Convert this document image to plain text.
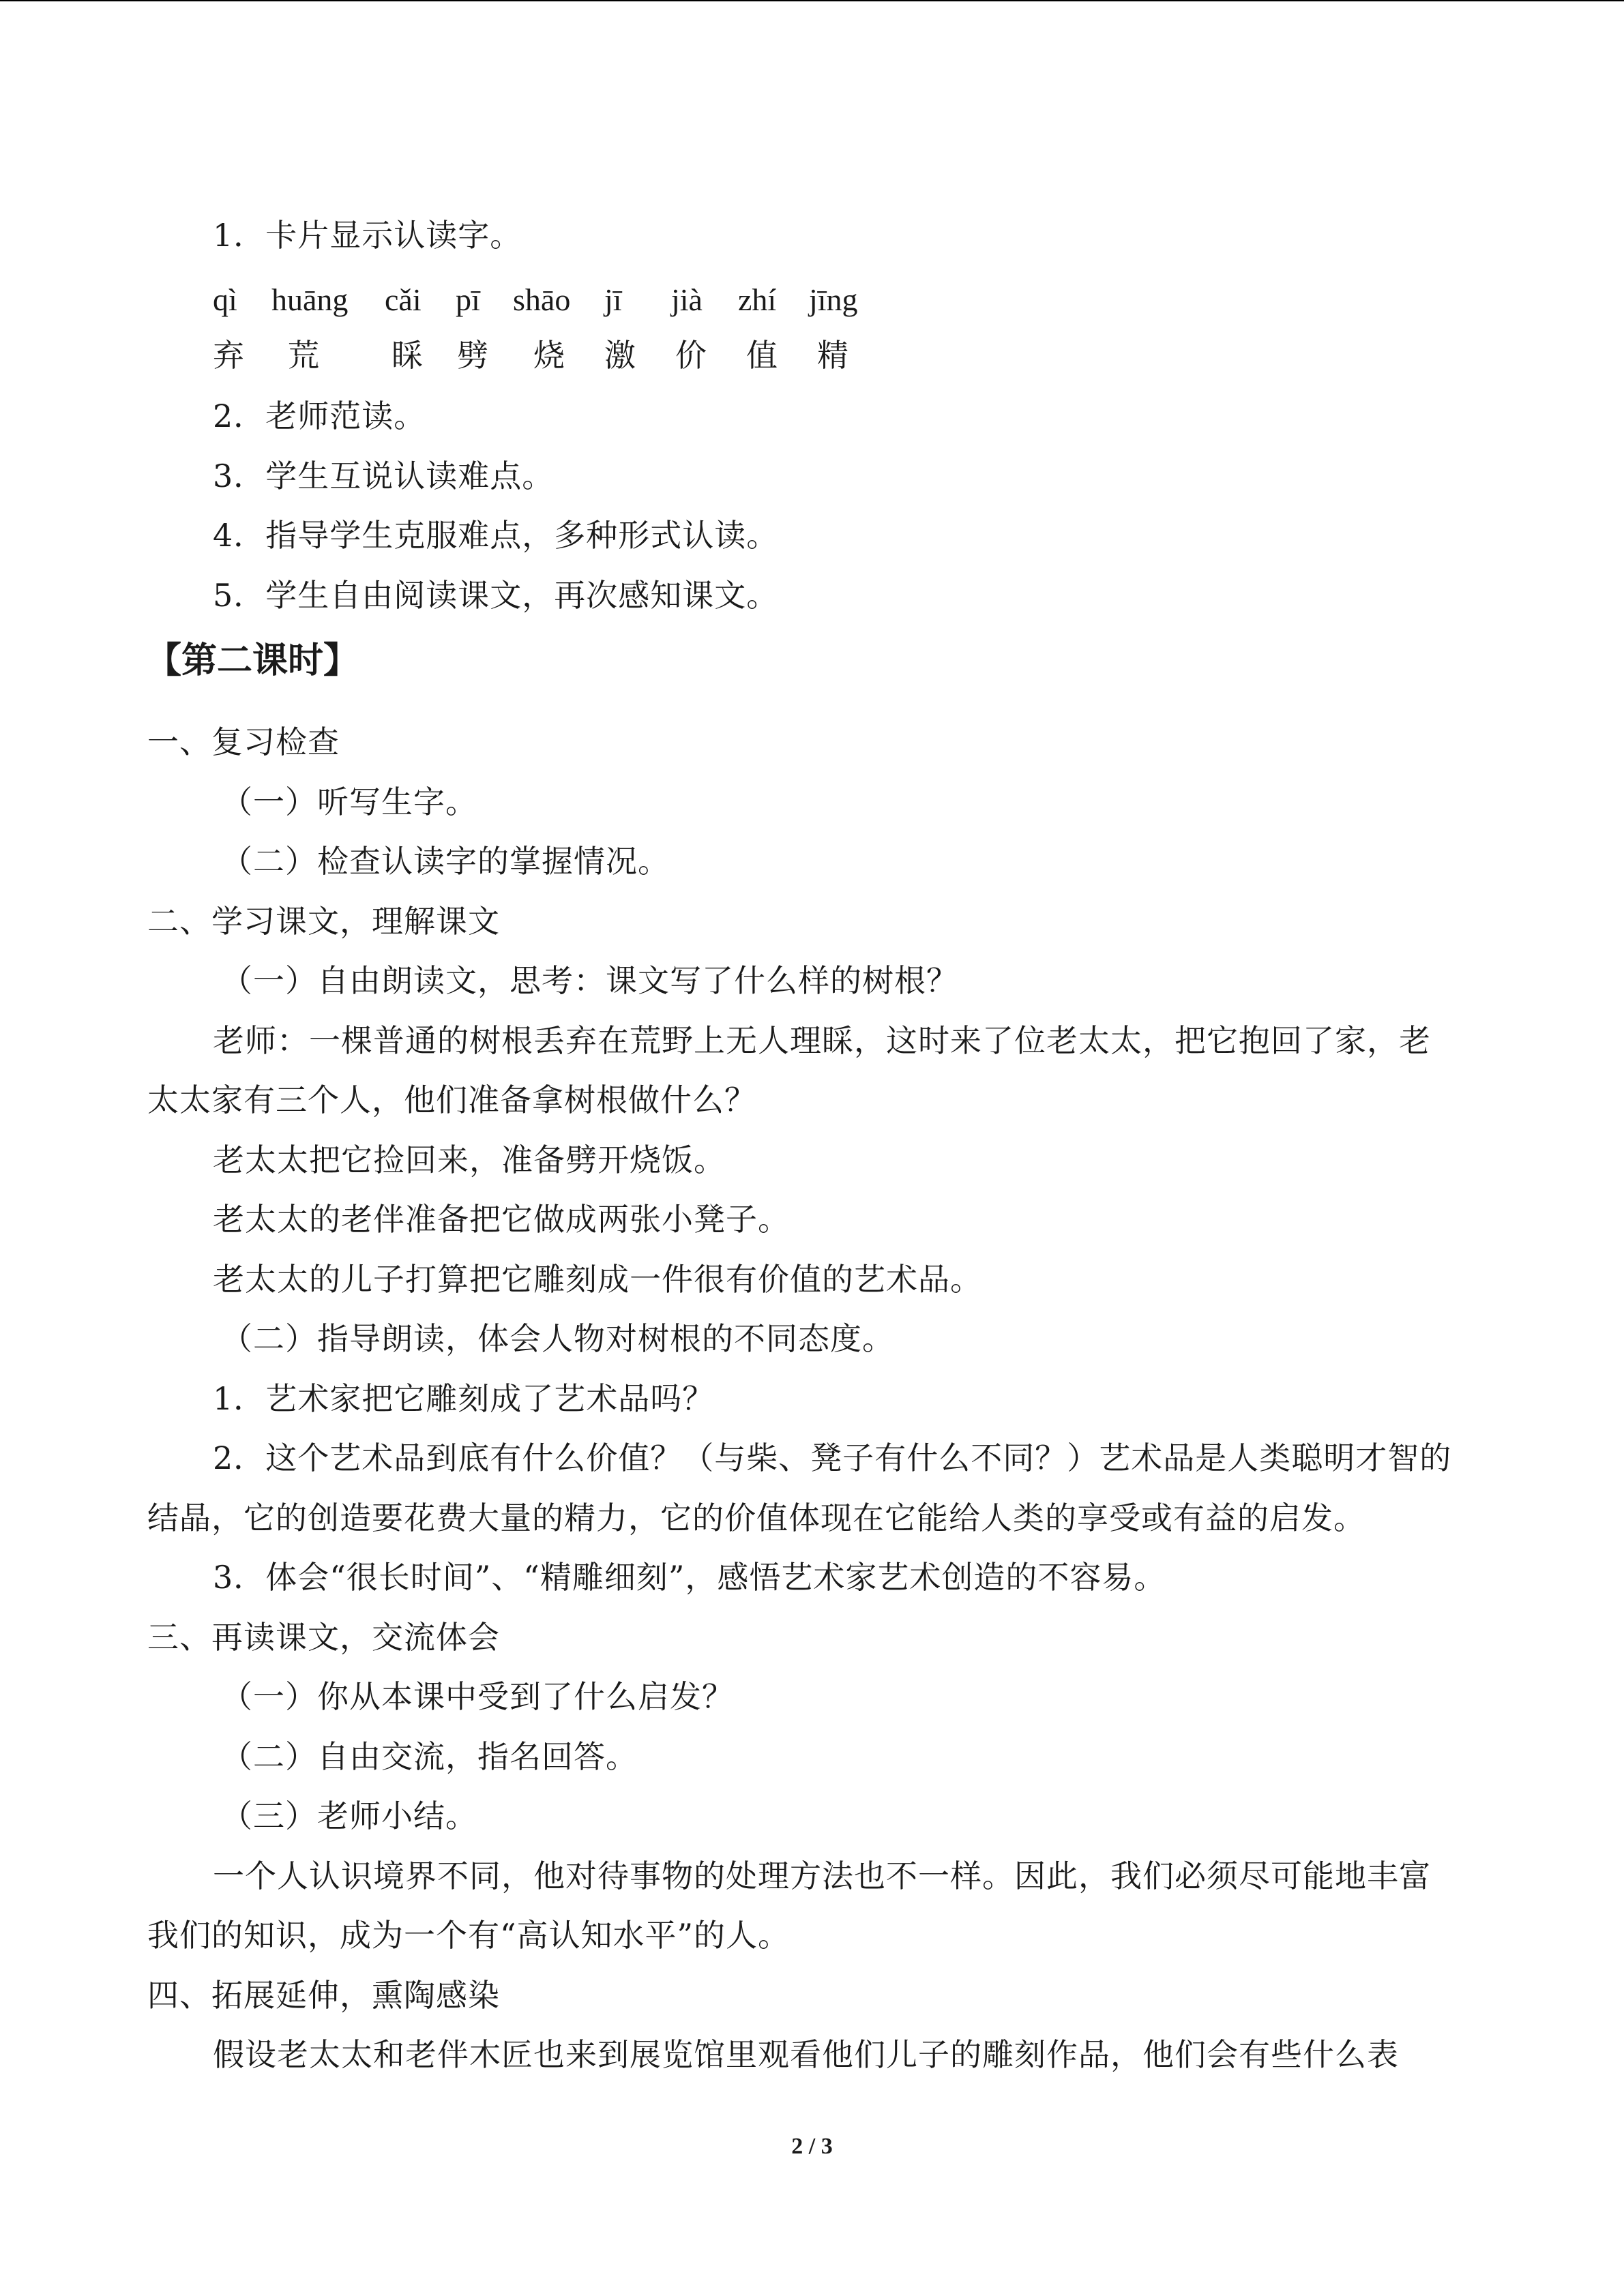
1．卡片显示认读字。
qì huāng cǎi pī shāo jī jià zhí jīng
弃 荒 睬 劈 烧 激 价 值 精
2．老师范读。
3．学生互说认读难点。
4．指导学生克服难点，多种形式认读。
5．学生自由阅读课文，再次感知课文。
【第二课时】
一、复习检查
（一）听写生字。
（二）检查认读字的掌握情况。
二、学习课文，理解课文
（一）自由朗读文，思考：课文写了什么样的树根？
老师：一棵普通的树根丢弃在荒野上无人理睬，这时来了位老太太，把它抱回了家，老
太太家有三个人，他们准备拿树根做什么？
老太太把它捡回来，准备劈开烧饭。
老太太的老伴准备把它做成两张小凳子。
老太太的儿子打算把它雕刻成一件很有价值的艺术品。
（二）指导朗读，体会人物对树根的不同态度。
1．艺术家把它雕刻成了艺术品吗？
2．这个艺术品到底有什么价值？（与柴、凳子有什么不同？）艺术品是人类聪明才智的
结晶，它的创造要花费大量的精力，它的价值体现在它能给人类的享受或有益的启发。
3．体会“很长时间”、“精雕细刻”，感悟艺术家艺术创造的不容易。
三、再读课文，交流体会
（一）你从本课中受到了什么启发？
（二）自由交流，指名回答。
（三）老师小结。
一个人认识境界不同，他对待事物的处理方法也不一样。因此，我们必须尽可能地丰富
我们的知识，成为一个有“高认知水平”的人。
四、拓展延伸，熏陶感染
假设老太太和老伴木匠也来到展览馆里观看他们儿子的雕刻作品，他们会有些什么表
2 / 3
